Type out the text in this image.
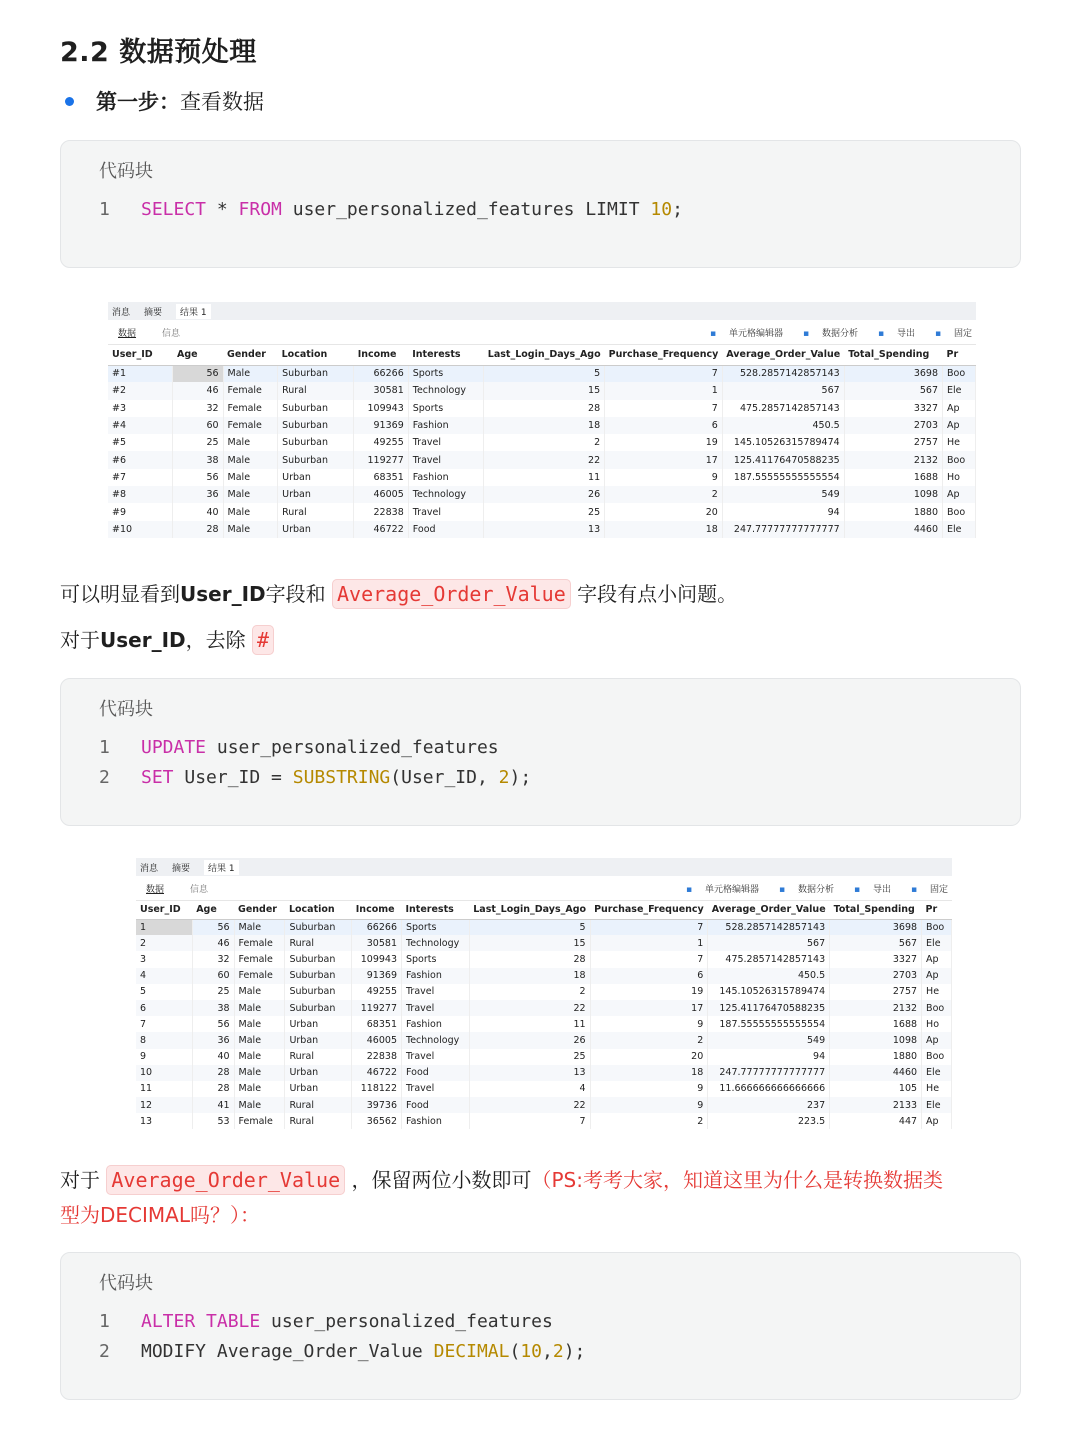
2.2 数据预处理
第一步： 查看数据
代码块
1 SELECT * FROM user_personalized_features LIMIT 10;
消息 摘要	结果 1
数据	信息	▪ 单元格编辑器	▪ 数据分析	▪ 导出	▪ 固定
User_ID	Age	Gender	Location	Income	Interests	Last_Login_Days_Ago	Purchase_Frequency	Average_Order_Value	Total_Spending	Pr
#1	56	Male	Suburban	66266	Sports	5	7	528.2857142857143	3698	Boo
#2	46	Female	Rural	30581	Technology	15	1	567	567	Ele
#3	32	Female	Suburban	109943	Sports	28	7	475.2857142857143	3327	Ap
#4	60	Female	Suburban	91369	Fashion	18	6	450.5	2703	Ap
#5	25	Male	Suburban	49255	Travel	2	19	145.10526315789474	2757	He
#6	38	Male	Suburban	119277	Travel	22	17	125.41176470588235	2132	Boo
#7	56	Male	Urban	68351	Fashion	11	9	187.55555555555554	1688	Ho
#8	36	Male	Urban	46005	Technology	26	2	549	1098	Ap
#9	40	Male	Rural	22838	Travel	25	20	94	1880	Boo
#10	28	Male	Urban	46722	Food	13	18	247.77777777777777	4460	Ele
可以明显看到User_ID字段和 Average_Order_Value 字段有点小问题。
对于User_ID，去除 #
代码块
1 UPDATE user_personalized_features
2 SET User_ID = SUBSTRING(User_ID, 2);
消息 摘要	结果 1
数据	信息	▪ 单元格编辑器	▪ 数据分析	▪ 导出	▪ 固定
User_ID	Age	Gender	Location	Income	Interests	Last_Login_Days_Ago	Purchase_Frequency	Average_Order_Value	Total_Spending	Pr
1	56	Male	Suburban	66266	Sports	5	7	528.2857142857143	3698	Boo
2	46	Female	Rural	30581	Technology	15	1	567	567	Ele
3	32	Female	Suburban	109943	Sports	28	7	475.2857142857143	3327	Ap
4	60	Female	Suburban	91369	Fashion	18	6	450.5	2703	Ap
5	25	Male	Suburban	49255	Travel	2	19	145.10526315789474	2757	He
6	38	Male	Suburban	119277	Travel	22	17	125.41176470588235	2132	Boo
7	56	Male	Urban	68351	Fashion	11	9	187.55555555555554	1688	Ho
8	36	Male	Urban	46005	Technology	26	2	549	1098	Ap
9	40	Male	Rural	22838	Travel	25	20	94	1880	Boo
10	28	Male	Urban	46722	Food	13	18	247.77777777777777	4460	Ele
11	28	Male	Urban	118122	Travel	4	9	11.666666666666666	105	He
12	41	Male	Rural	39736	Food	22	9	237	2133	Ele
13	53	Female	Rural	36562	Fashion	7	2	223.5	447	Ap
对于 Average_Order_Value ，保留两位小数即可（PS:考考大家，知道这里为什么是转换数据类
型为DECIMAL吗？）：
代码块
1 ALTER TABLE user_personalized_features
2 MODIFY Average_Order_Value DECIMAL(10,2);
